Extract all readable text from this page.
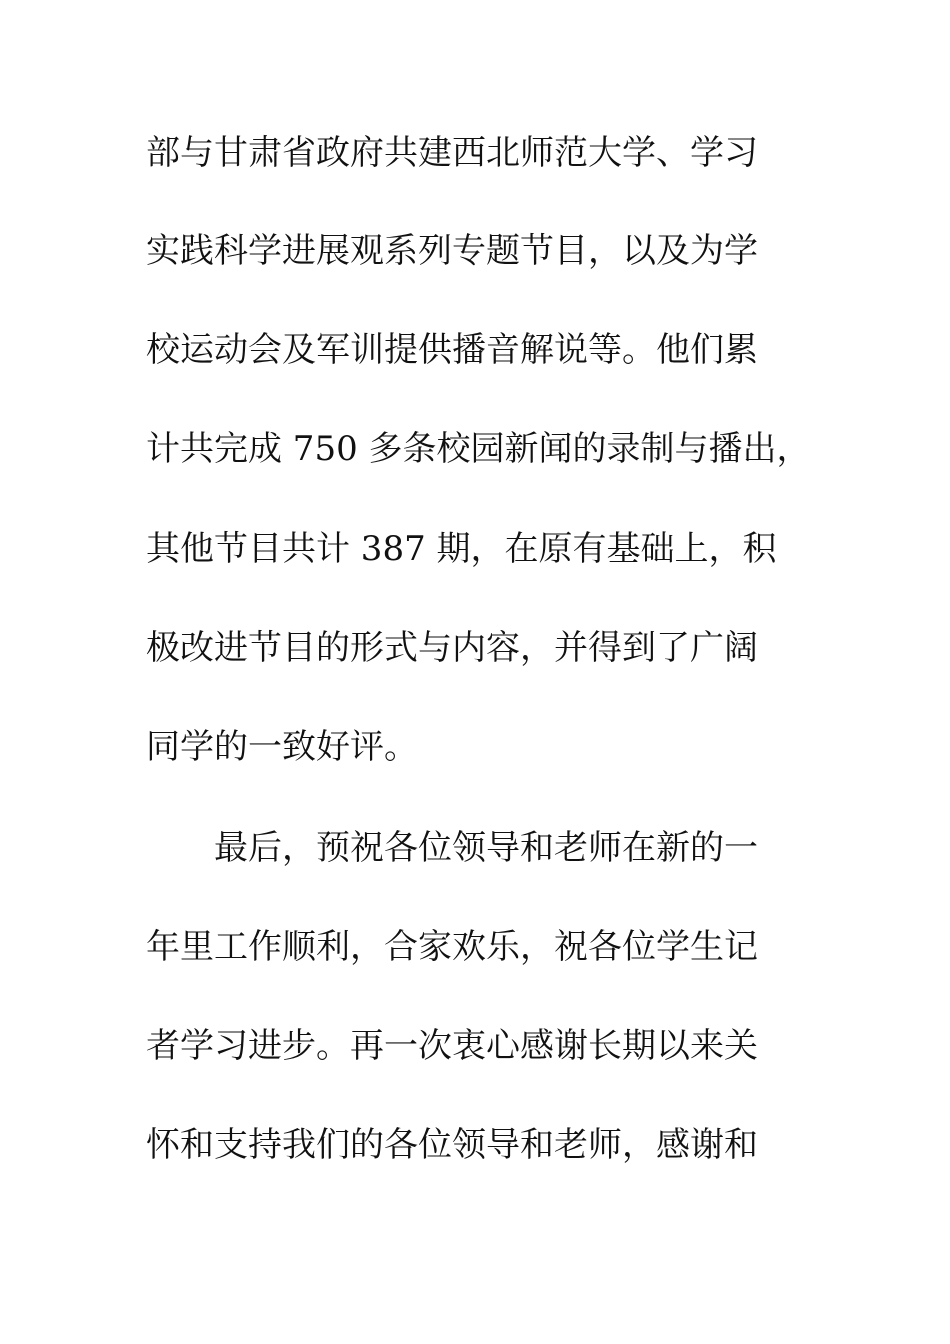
部与甘肃省政府共建西北师范大学、学习
实践科学进展观系列专题节目，以及为学
校运动会及军训提供播音解说等。他们累
计共完成 750 多条校园新闻的录制与播出，
其他节目共计 387 期，在原有基础上，积
极改进节目的形式与内容，并得到了广阔
同学的一致好评。
最后，预祝各位领导和老师在新的一
年里工作顺利，合家欢乐，祝各位学生记
者学习进步。再一次衷心感谢长期以来关
怀和支持我们的各位领导和老师，感谢和
